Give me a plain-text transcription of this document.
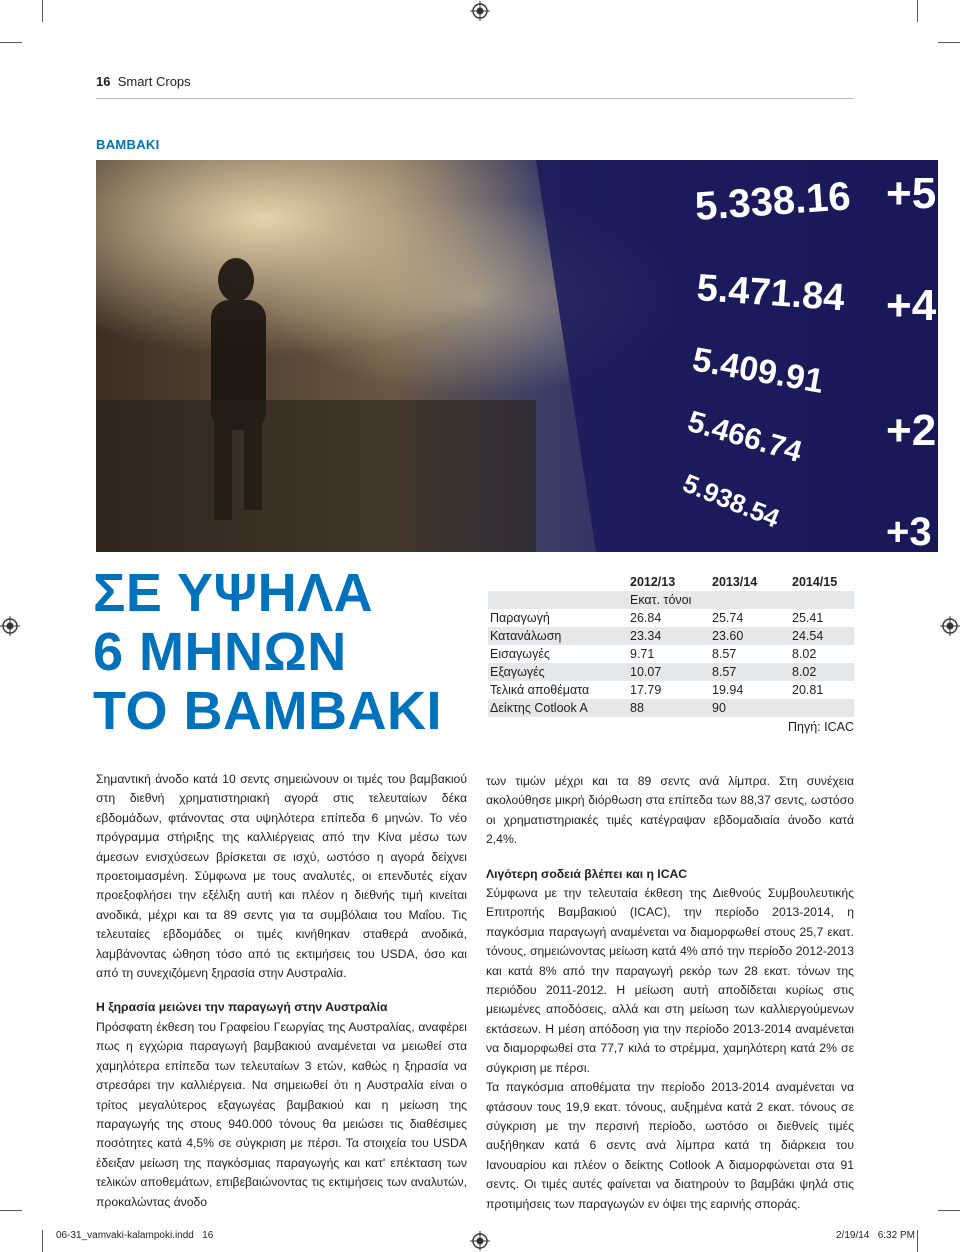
16 Smart Crops
ΒΑΜΒΑΚΙ
5.338.16
5.471.84
5.409.91
5.466.74
5.938.54
+5
+4
+2
+3
ΣΕ ΥΨΗΛΑ
6 ΜΗΝΩΝ
ΤΟ ΒΑΜΒΑΚΙ
	2012/13	2013/14	2014/15
	Εκατ. τόνοι		
Παραγωγή	26.84	25.74	25.41
Κατανάλωση	23.34	23.60	24.54
Εισαγωγές	9.71	8.57	8.02
Εξαγωγές	10.07	8.57	8.02
Τελικά αποθέματα	17.79	19.94	20.81
Δείκτης Cotlook A	88	90	
Πηγή: ICAC

Σημαντική άνοδο κατά 10 σεντς σημειώνουν οι τιμές του βαμβακιού στη διεθνή χρηματιστηριακή αγορά στις τελευταίων δέκα εβδομάδων, φτάνοντας στα υψηλότερα επίπεδα 6 μηνών. Το νέο πρόγραμμα στήριξης της καλλιέργειας από την Κίνα μέσω των άμεσων ενισχύσεων βρίσκεται σε ισχύ, ωστόσο η αγορά δείχνει προετοιμασμένη. Σύμφωνα με τους αναλυτές, οι επενδυτές είχαν προεξοφλήσει την εξέλιξη αυτή και πλέον η διεθνής τιμή κινείται ανοδικά, μέχρι και τα 89 σεντς για τα συμβόλαια του Μαΐου. Τις τελευταίες εβδομάδες οι τιμές κινήθηκαν σταθερά ανοδικά, λαμβάνοντας ώθηση τόσο από τις εκτιμήσεις του USDA, όσο και από τη συνεχιζόμενη ξηρασία στην Αυστραλία.

Η ξηρασία μειώνει την παραγωγή στην Αυστραλία

Πρόσφατη έκθεση του Γραφείου Γεωργίας της Αυστραλίας, αναφέρει πως η εγχώρια παραγωγή βαμβακιού αναμένεται να μειωθεί στα χαμηλότερα επίπεδα των τελευταίων 3 ετών, καθώς η ξηρασία να στρεσάρει την καλλιέργεια. Να σημειωθεί ότι η Αυστραλία είναι ο τρίτος μεγαλύτερος εξαγωγέας βαμβακιού και η μείωση της παραγωγής της στους 940.000 τόνους θα μειώσει τις διαθέσιμες ποσότητες κατά 4,5% σε σύγκριση με πέρσι. Τα στοιχεία του USDA έδειξαν μείωση της παγκόσμιας παραγωγής και κατ' επέκταση των τελικών αποθεμάτων, επιβεβαιώνοντας τις εκτιμήσεις των αναλυτών, προκαλώντας άνοδο

των τιμών μέχρι και τα 89 σεντς ανά λίμπρα. Στη συνέχεια ακολούθησε μικρή διόρθωση στα επίπεδα των 88,37 σεντς, ωστόσο οι χρηματιστηριακές τιμές κατέγραψαν εβδομαδιαία άνοδο κατά 2,4%.

Λιγότερη σοδειά βλέπει και η ICAC

Σύμφωνα με την τελευταία έκθεση της Διεθνούς Συμβουλευτικής Επιτροπής Βαμβακιού (ICAC), την περίοδο 2013-2014, η παγκόσμια παραγωγή αναμένεται να διαμορφωθεί στους 25,7 εκατ. τόνους, σημειώνοντας μείωση κατά 4% από την περίοδο 2012-2013 και κατά 8% από την παραγωγή ρεκόρ των 28 εκατ. τόνων της περιόδου 2011-2012. Η μείωση αυτή αποδίδεται κυρίως στις μειωμένες αποδόσεις, αλλά και στη μείωση των καλλιεργούμενων εκτάσεων. Η μέση απόδοση για την περίοδο 2013-2014 αναμένεται να διαμορφωθεί στα 77,7 κιλά το στρέμμα, χαμηλότερη κατά 2% σε σύγκριση με πέρσι.

Τα παγκόσμια αποθέματα την περίοδο 2013-2014 αναμένεται να φτάσουν τους 19,9 εκατ. τόνους, αυξημένα κατά 2 εκατ. τόνους σε σύγκριση με την περσινή περίοδο, ωστόσο οι διεθνείς τιμές αυξήθηκαν κατά 6 σεντς ανά λίμπρα κατά τη διάρκεια του Ιανουαρίου και πλέον ο δείκτης Cotlook A διαμορφώνεται στα 91 σεντς. Οι τιμές αυτές φαίνεται να διατηρούν το βαμβάκι ψηλά στις προτιμήσεις των παραγωγών εν όψει της εαρινής σποράς.

06-31_vamvaki-kalampoki.indd   16	2/19/14   6:32 PM
